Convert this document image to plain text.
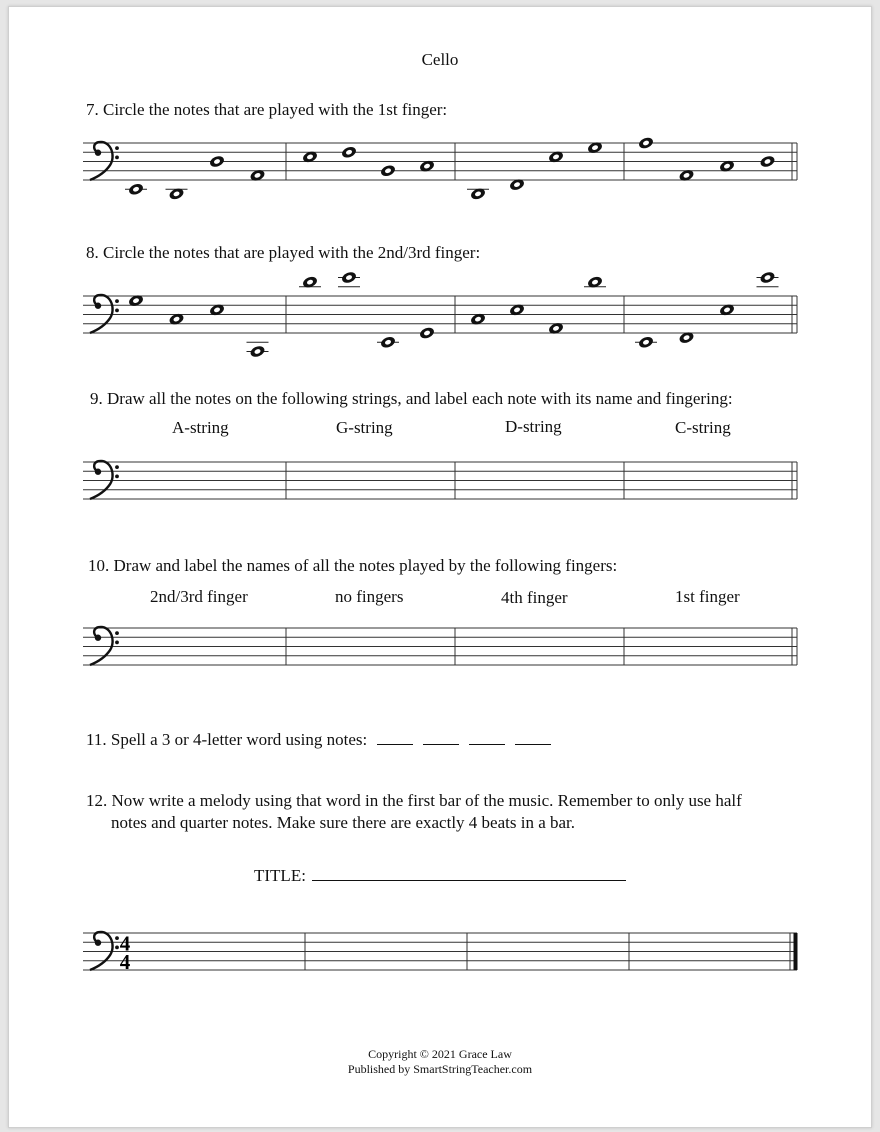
Cello
7. Circle the notes that are played with the 1st finger:
4
4
8. Circle the notes that are played with the 2nd/3rd finger:
9. Draw all the notes on the following strings, and label each note with its name and fingering:
A-string	G-string	D-string	C-string
10. Draw and label the names of all the notes played by the following fingers:
2nd/3rd finger	no fingers	4th finger	1st finger
11. Spell a 3 or 4-letter word using notes:
12. Now write a melody using that word in the first bar of the music. Remember to only use half
notes and quarter notes. Make sure there are exactly 4 beats in a bar.
TITLE:
Copyright © 2021 Grace Law
Published by SmartStringTeacher.com
